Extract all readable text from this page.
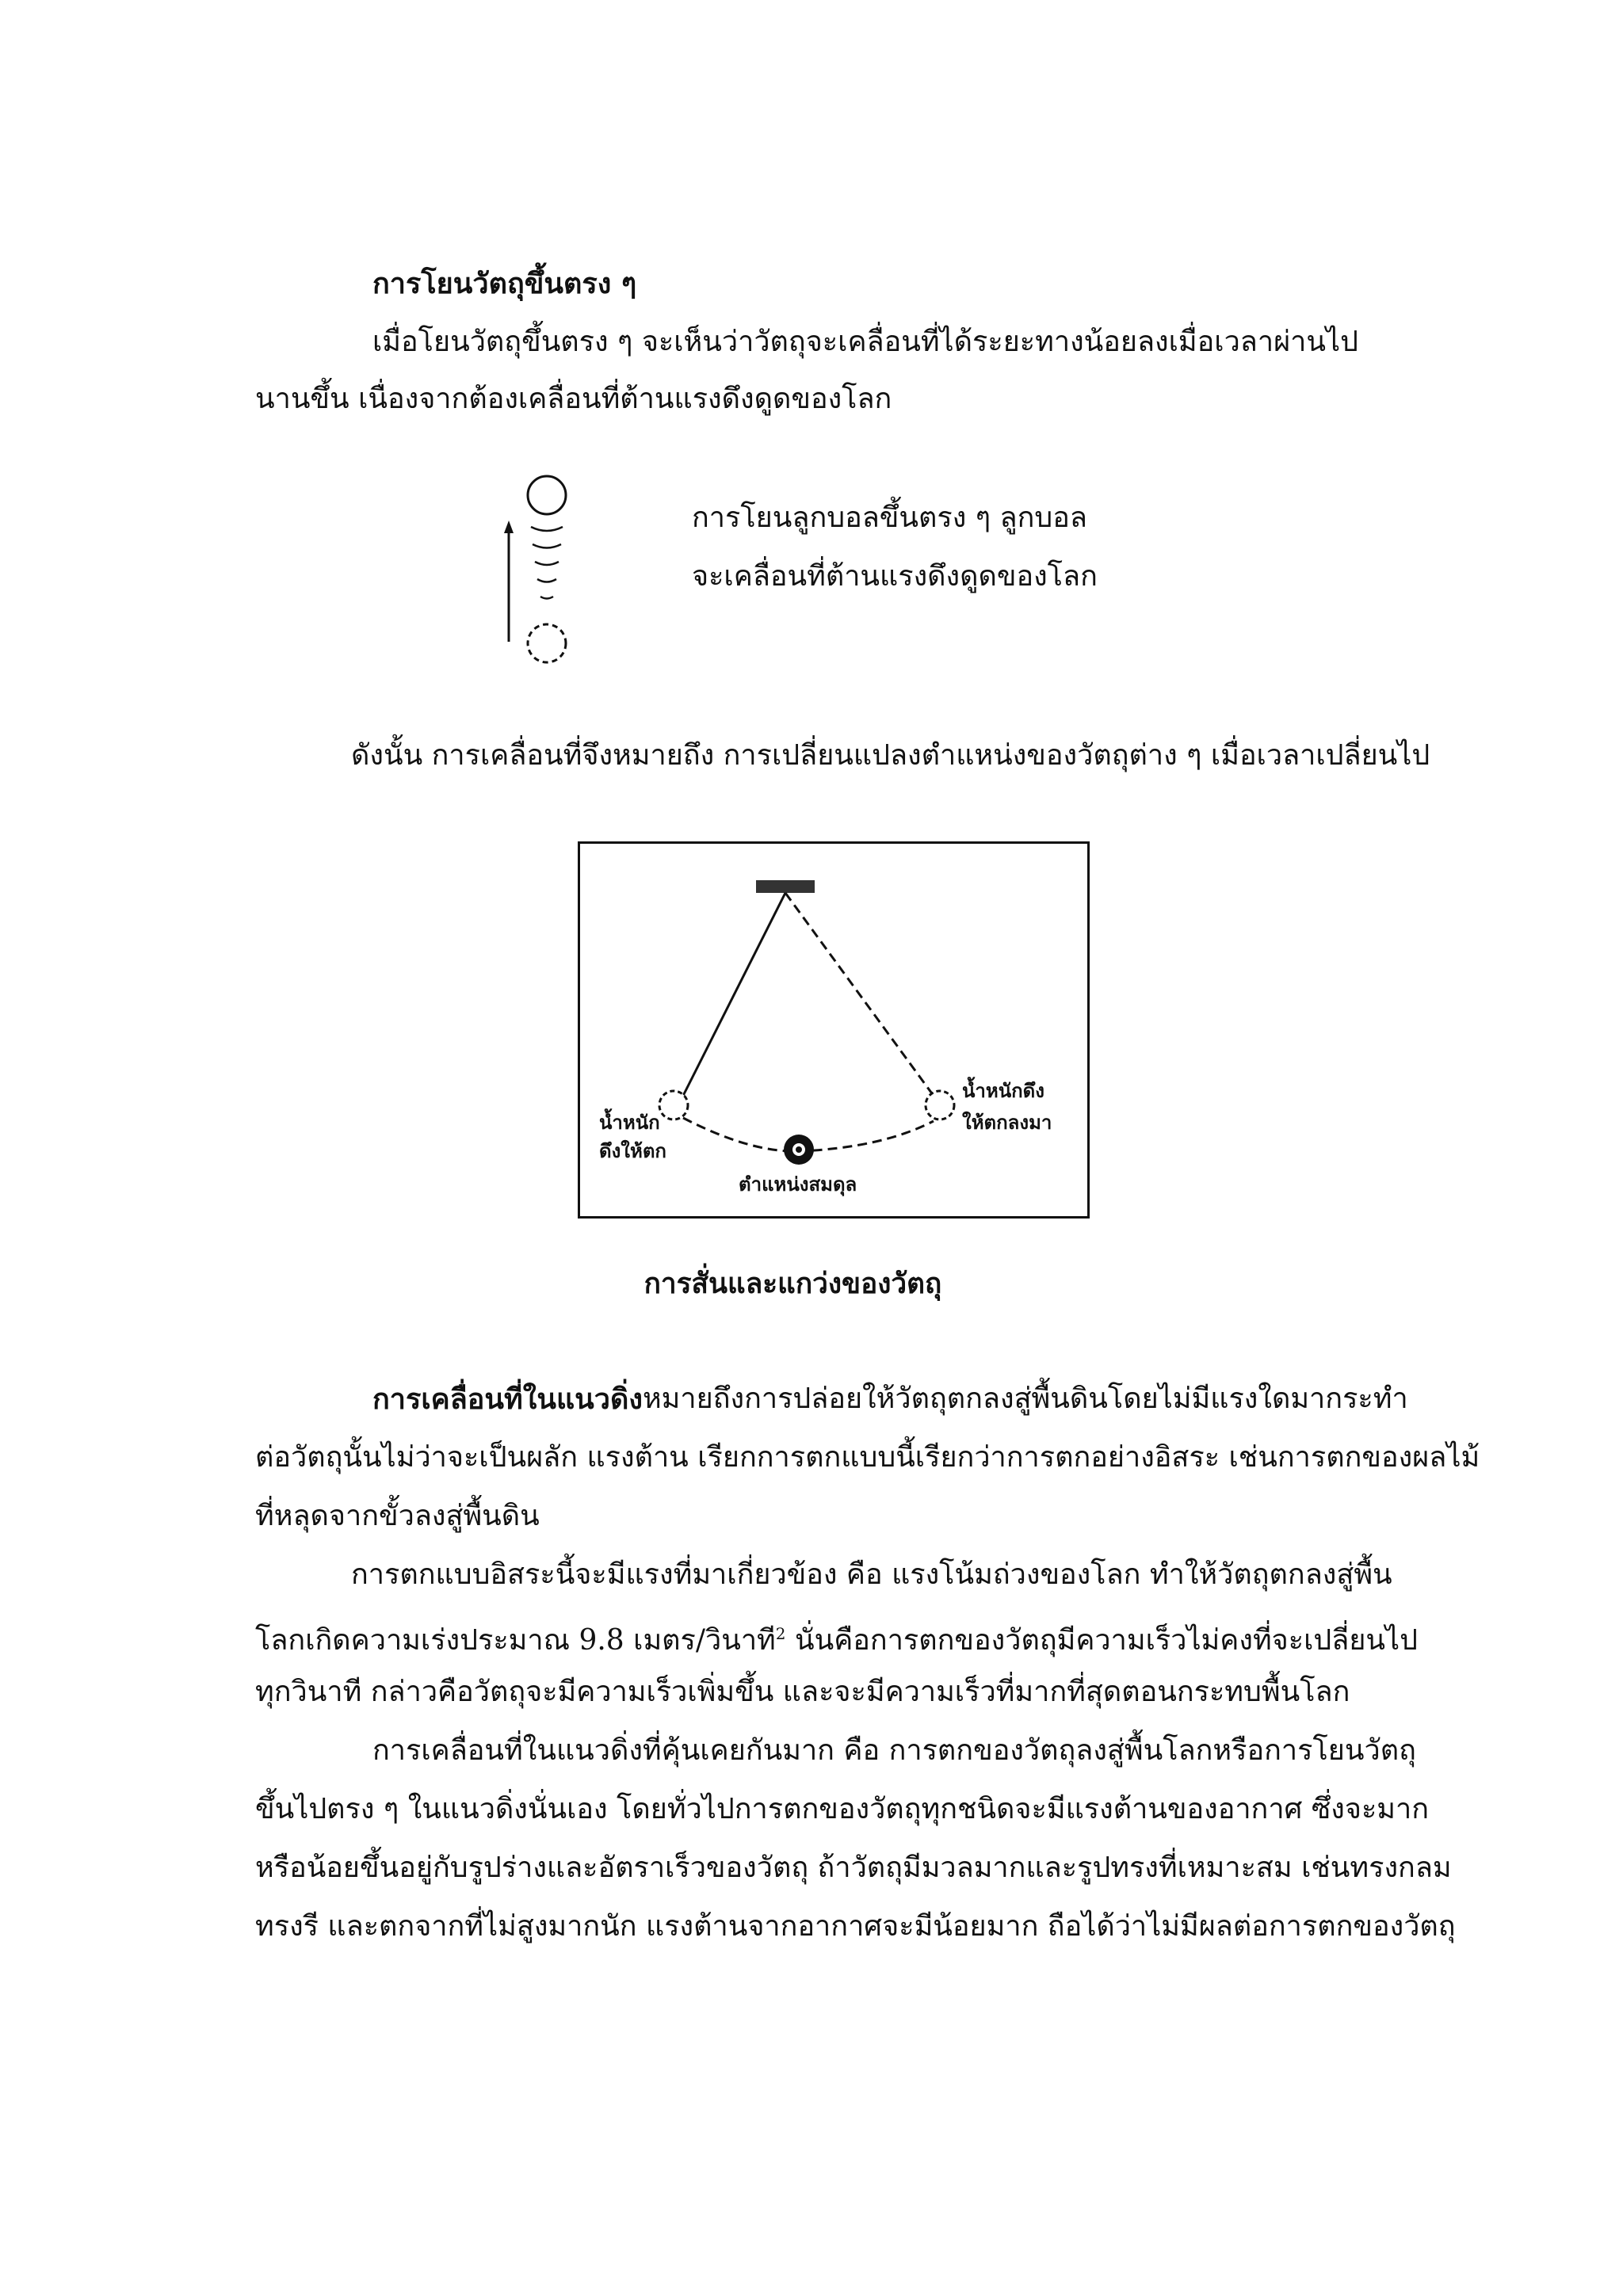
การโยนวัตถุขึ้นตรง ๆ
เมื่อโยนวัตถุขึ้นตรง ๆ จะเห็นว่าวัตถุจะเคลื่อนที่ได้ระยะทางน้อยลงเมื่อเวลาผ่านไป
นานขึ้น เนื่องจากต้องเคลื่อนที่ต้านแรงดึงดูดของโลก
การโยนลูกบอลขึ้นตรง ๆ ลูกบอล
จะเคลื่อนที่ต้านแรงดึงดูดของโลก
ดังนั้น การเคลื่อนที่จึงหมายถึง การเปลี่ยนแปลงตำแหน่งของวัตถุต่าง ๆ เมื่อเวลาเปลี่ยนไป
น้ำหนัก
ดึงให้ตก
น้ำหนักดึง
ให้ตกลงมา
ตำแหน่งสมดุล
การสั่นและแกว่งของวัตถุ
การเคลื่อนที่ในแนวดิ่ง หมายถึงการปล่อยให้วัตถุตกลงสู่พื้นดินโดยไม่มีแรงใดมากระทำ
ต่อวัตถุนั้นไม่ว่าจะเป็นผลัก แรงต้าน เรียกการตกแบบนี้เรียกว่าการตกอย่างอิสระ เช่นการตกของผลไม้
ที่หลุดจากขั้วลงสู่พื้นดิน
การตกแบบอิสระนี้จะมีแรงที่มาเกี่ยวข้อง คือ แรงโน้มถ่วงของโลก ทำให้วัตถุตกลงสู่พื้น
โลกเกิดความเร่งประมาณ 9.8 เมตร/วินาที$^2$ นั่นคือการตกของวัตถุมีความเร็วไม่คงที่จะเปลี่ยนไป
ทุกวินาที กล่าวคือวัตถุจะมีความเร็วเพิ่มขึ้น และจะมีความเร็วที่มากที่สุดตอนกระทบพื้นโลก
การเคลื่อนที่ในแนวดิ่งที่คุ้นเคยกันมาก คือ การตกของวัตถุลงสู่พื้นโลกหรือการโยนวัตถุ
ขึ้นไปตรง ๆ ในแนวดิ่งนั่นเอง โดยทั่วไปการตกของวัตถุทุกชนิดจะมีแรงต้านของอากาศ ซึ่งจะมาก
หรือน้อยขึ้นอยู่กับรูปร่างและอัตราเร็วของวัตถุ ถ้าวัตถุมีมวลมากและรูปทรงที่เหมาะสม เช่นทรงกลม
ทรงรี และตกจากที่ไม่สูงมากนัก แรงต้านจากอากาศจะมีน้อยมาก ถือได้ว่าไม่มีผลต่อการตกของวัตถุ
